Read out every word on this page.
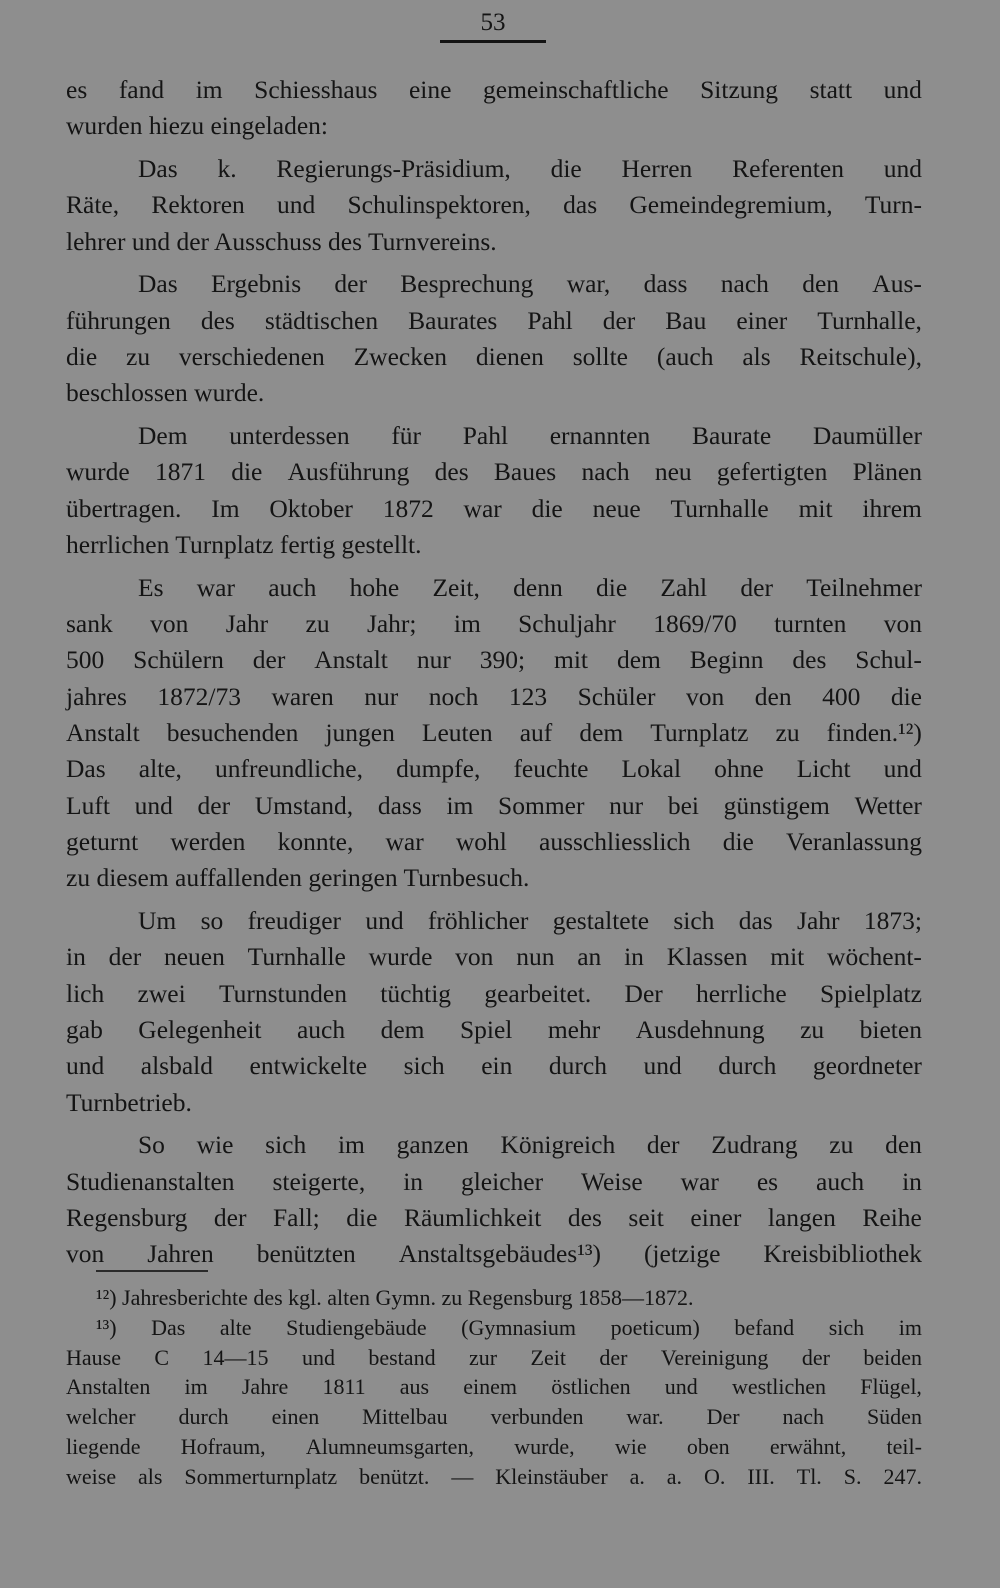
53
es fand im Schiesshaus eine gemeinschaftliche Sitzung statt und
wurden hiezu eingeladen:
Das k. Regierungs-Präsidium, die Herren Referenten und
Räte, Rektoren und Schulinspektoren, das Gemeindegremium, Turn-
lehrer und der Ausschuss des Turnvereins.
Das Ergebnis der Besprechung war, dass nach den Aus-
führungen des städtischen Baurates Pahl der Bau einer Turnhalle,
die zu verschiedenen Zwecken dienen sollte (auch als Reitschule),
beschlossen wurde.
Dem unterdessen für Pahl ernannten Baurate Daumüller
wurde 1871 die Ausführung des Baues nach neu gefertigten Plänen
übertragen. Im Oktober 1872 war die neue Turnhalle mit ihrem
herrlichen Turnplatz fertig gestellt.
Es war auch hohe Zeit, denn die Zahl der Teilnehmer
sank von Jahr zu Jahr; im Schuljahr 1869/70 turnten von
500 Schülern der Anstalt nur 390; mit dem Beginn des Schul-
jahres 1872/73 waren nur noch 123 Schüler von den 400 die
Anstalt besuchenden jungen Leuten auf dem Turnplatz zu finden.¹²)
Das alte, unfreundliche, dumpfe, feuchte Lokal ohne Licht und
Luft und der Umstand, dass im Sommer nur bei günstigem Wetter
geturnt werden konnte, war wohl ausschliesslich die Veranlassung
zu diesem auffallenden geringen Turnbesuch.
Um so freudiger und fröhlicher gestaltete sich das Jahr 1873;
in der neuen Turnhalle wurde von nun an in Klassen mit wöchent-
lich zwei Turnstunden tüchtig gearbeitet. Der herrliche Spielplatz
gab Gelegenheit auch dem Spiel mehr Ausdehnung zu bieten
und alsbald entwickelte sich ein durch und durch geordneter
Turnbetrieb.
So wie sich im ganzen Königreich der Zudrang zu den
Studienanstalten steigerte, in gleicher Weise war es auch in
Regensburg der Fall; die Räumlichkeit des seit einer langen Reihe
von Jahren benützten Anstaltsgebäudes¹³) (jetzige Kreisbibliothek
¹²) Jahresberichte des kgl. alten Gymn. zu Regensburg 1858—1872.
¹³) Das alte Studiengebäude (Gymnasium poeticum) befand sich im
Hause C 14—15 und bestand zur Zeit der Vereinigung der beiden
Anstalten im Jahre 1811 aus einem östlichen und westlichen Flügel,
welcher durch einen Mittelbau verbunden war. Der nach Süden
liegende Hofraum, Alumneumsgarten, wurde, wie oben erwähnt, teil-
weise als Sommerturnplatz benützt. — Kleinstäuber a. a. O. III. Tl. S. 247.
